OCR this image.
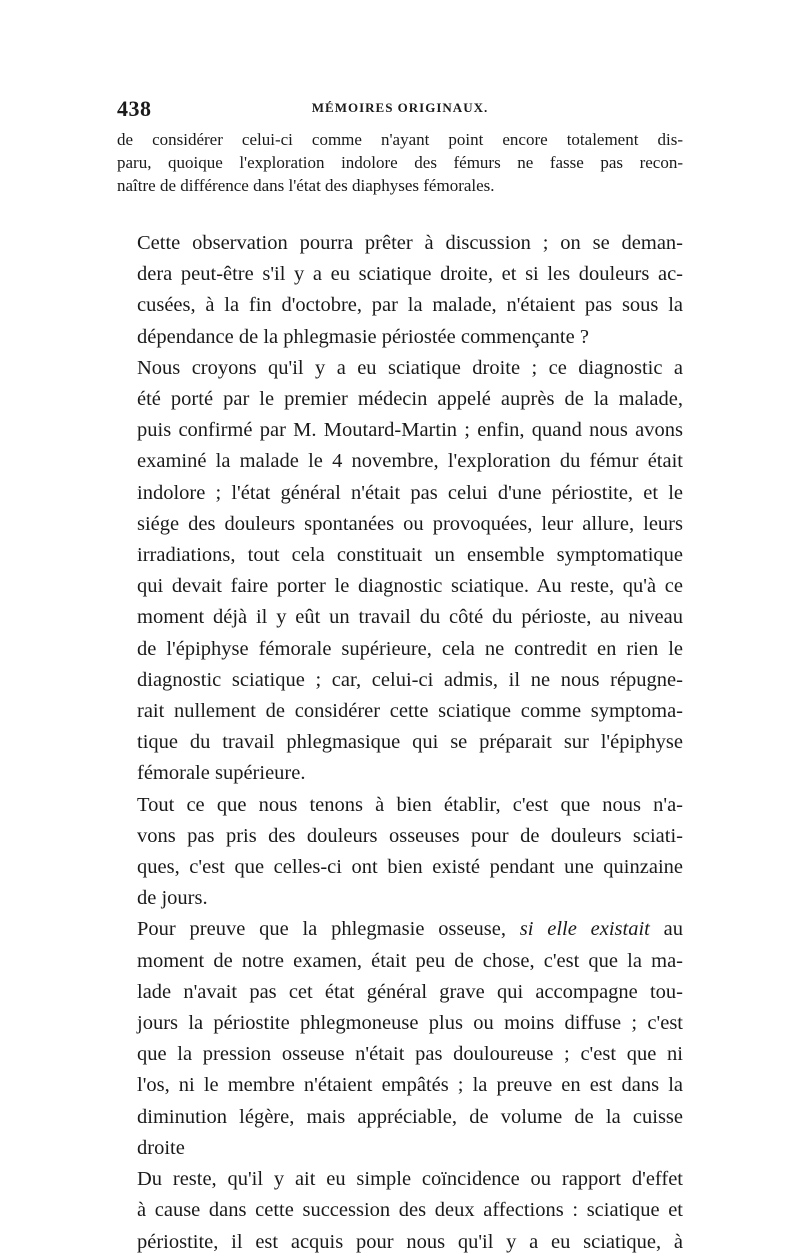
438	MÉMOIRES ORIGINAUX.
de considérer celui-ci comme n'ayant point encore totalement dis-
paru, quoique l'exploration indolore des fémurs ne fasse pas recon-
naître de différence dans l'état des diaphyses fémorales.

Cette observation pourra prêter à discussion ; on se deman-
dera peut-être s'il y a eu sciatique droite, et si les douleurs ac-
cusées, à la fin d'octobre, par la malade, n'étaient pas sous la
dépendance de la phlegmasie périostée commençante ?

Nous croyons qu'il y a eu sciatique droite ; ce diagnostic a
été porté par le premier médecin appelé auprès de la malade,
puis confirmé par M. Moutard-Martin ; enfin, quand nous avons
examiné la malade le 4 novembre, l'exploration du fémur était
indolore ; l'état général n'était pas celui d'une périostite, et le
siége des douleurs spontanées ou provoquées, leur allure, leurs
irradiations, tout cela constituait un ensemble symptomatique
qui devait faire porter le diagnostic sciatique. Au reste, qu'à ce
moment déjà il y eût un travail du côté du périoste, au niveau
de l'épiphyse fémorale supérieure, cela ne contredit en rien le
diagnostic sciatique ; car, celui-ci admis, il ne nous répugne-
rait nullement de considérer cette sciatique comme symptoma-
tique du travail phlegmasique qui se préparait sur l'épiphyse
fémorale supérieure.

Tout ce que nous tenons à bien établir, c'est que nous n'a-
vons pas pris des douleurs osseuses pour de douleurs sciati-
ques, c'est que celles-ci ont bien existé pendant une quinzaine
de jours.

Pour preuve que la phlegmasie osseuse, si elle existait au
moment de notre examen, était peu de chose, c'est que la ma-
lade n'avait pas cet état général grave qui accompagne tou-
jours la périostite phlegmoneuse plus ou moins diffuse ; c'est
que la pression osseuse n'était pas douloureuse ; c'est que ni
l'os, ni le membre n'étaient empâtés ; la preuve en est dans la
diminution légère, mais appréciable, de volume de la cuisse
droite

Du reste, qu'il y ait eu simple coïncidence ou rapport d'effet
à cause dans cette succession des deux affections : sciatique et
périostite, il est acquis pour nous qu'il y a eu sciatique, à
